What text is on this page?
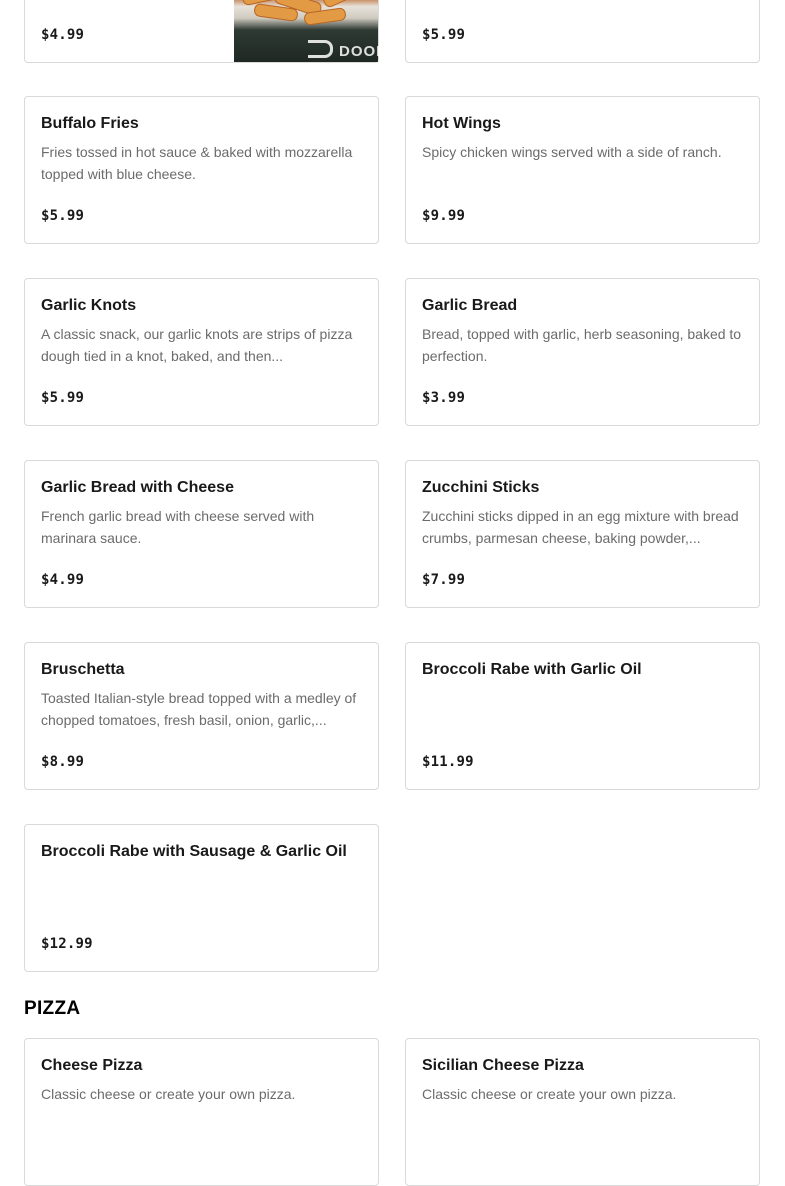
$4.99
DOOR
$5.99
Buffalo Fries
Fries tossed in hot sauce & baked with mozzarella topped with blue cheese.
$5.99
Hot Wings
Spicy chicken wings served with a side of ranch.
$9.99
Garlic Knots
A classic snack, our garlic knots are strips of pizza dough tied in a knot, baked, and then...
$5.99
Garlic Bread
Bread, topped with garlic, herb seasoning, baked to perfection.
$3.99
Garlic Bread with Cheese
French garlic bread with cheese served with marinara sauce.
$4.99
Zucchini Sticks
Zucchini sticks dipped in an egg mixture with bread crumbs, parmesan cheese, baking powder,...
$7.99
Bruschetta
Toasted Italian-style bread topped with a medley of chopped tomatoes, fresh basil, onion, garlic,...
$8.99
Broccoli Rabe with Garlic Oil
$11.99
Broccoli Rabe with Sausage & Garlic Oil
$12.99
PIZZA
Cheese Pizza
Classic cheese or create your own pizza.
Sicilian Cheese Pizza
Classic cheese or create your own pizza.
